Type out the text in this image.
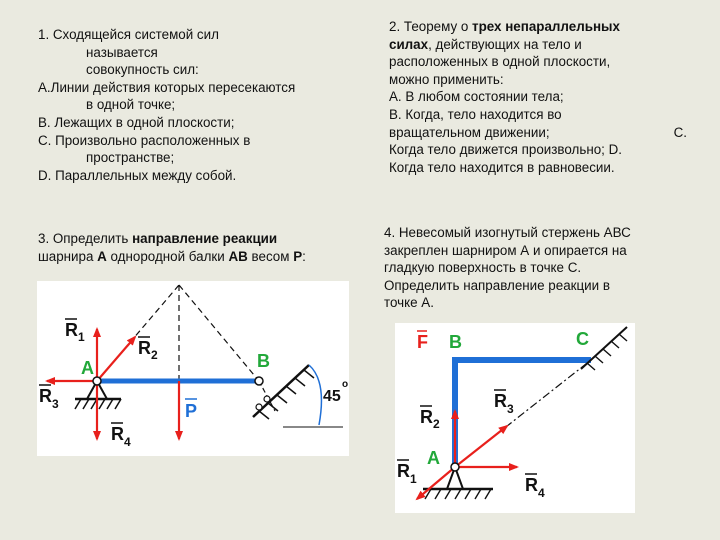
1. Сходящейся системой сил

называется

совокупность сил:

А.Линии действия которых пересекаются

в одной точке;

В. Лежащих в одной плоскости;

С. Произвольно расположенных в

пространстве;

D. Параллельных между собой.

2. Теорему о трех непараллельных

силах, действующих на тело и

расположенных в одной плоскости,

можно применить:

А. В любом состоянии тела;

В. Когда, тело находится во

вращательном движении;	С.

Когда тело движется произвольно; D.

Когда тело находится в равновесии.

3. Определить направление реакции

шарнира А однородной балки АВ весом Р:

4. Невесомый изогнутый стержень АВС

закреплен шарниром А и опирается на

гладкую поверхность в точке С.

Определить направление реакции в

точке А.

R 1
R 2
R 3
R 4
А	В
P
45
о
F B	C
А
R 2
R 3
R 1	R 4
